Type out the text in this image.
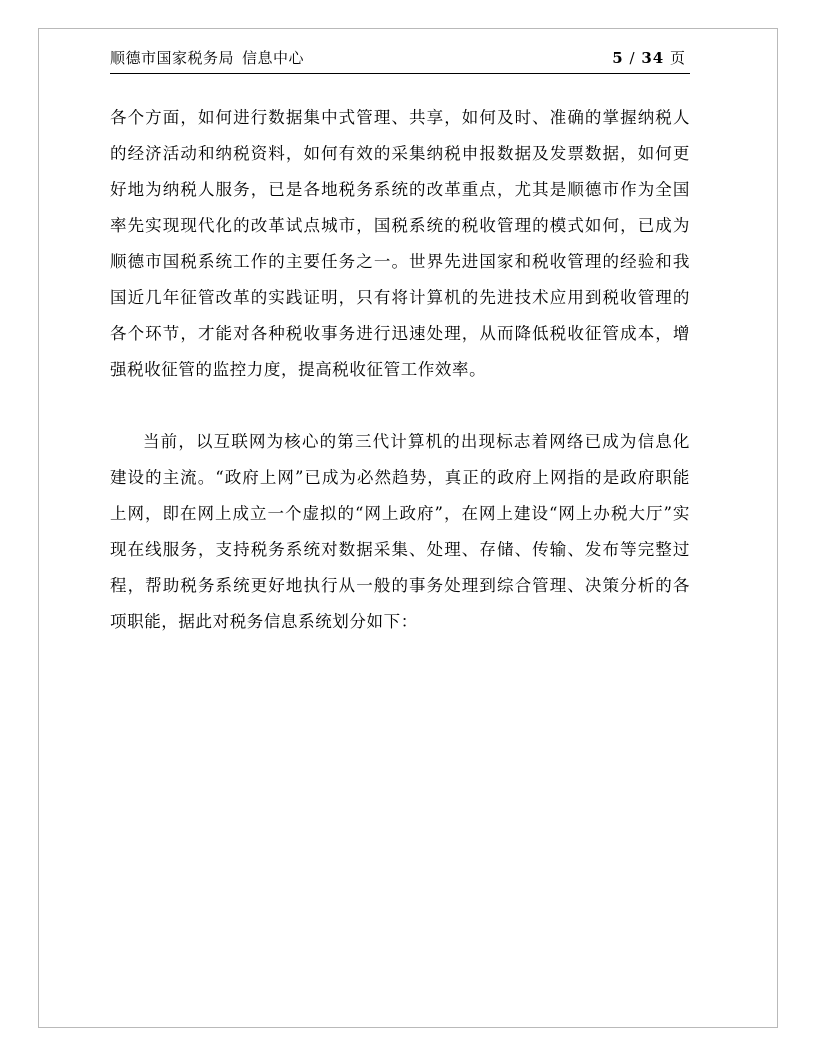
顺德市国家税务局 信息中心	5 / 34 页

各个方面，如何进行数据集中式管理、共享，如何及时、准确的掌握纳税人的经济活动和纳税资料，如何有效的采集纳税申报数据及发票数据，如何更好地为纳税人服务，已是各地税务系统的改革重点，尤其是顺德市作为全国率先实现现代化的改革试点城市，国税系统的税收管理的模式如何，已成为顺德市国税系统工作的主要任务之一。世界先进国家和税收管理的经验和我国近几年征管改革的实践证明，只有将计算机的先进技术应用到税收管理的各个环节，才能对各种税收事务进行迅速处理，从而降低税收征管成本，增强税收征管的监控力度，提高税收征管工作效率。

当前，以互联网为核心的第三代计算机的出现标志着网络已成为信息化建设的主流。“政府上网”已成为必然趋势，真正的政府上网指的是政府职能上网，即在网上成立一个虚拟的“网上政府”，在网上建设“网上办税大厅”实现在线服务，支持税务系统对数据采集、处理、存储、传输、发布等完整过程，帮助税务系统更好地执行从一般的事务处理到综合管理、决策分析的各项职能，据此对税务信息系统划分如下：
